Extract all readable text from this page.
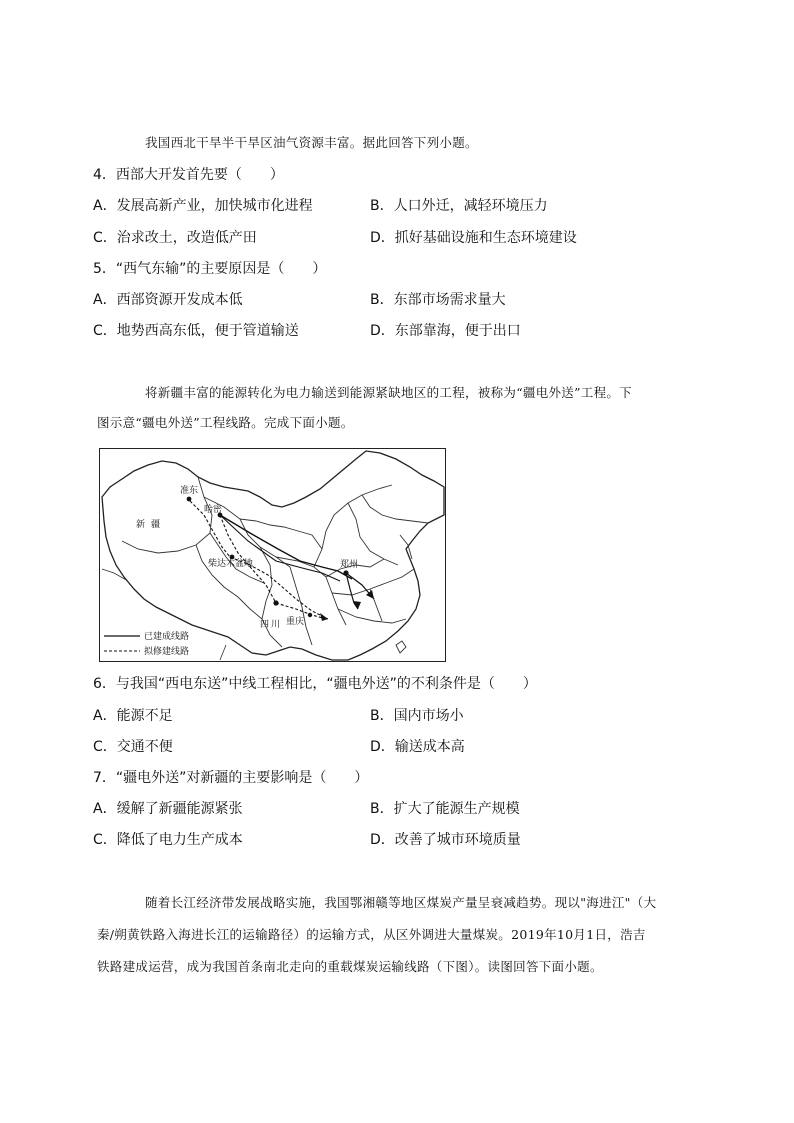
我国西北干旱半干旱区油气资源丰富。据此回答下列小题。
4．西部大开发首先要（　　）
A．发展高新产业，加快城市化进程	B．人口外迁，减轻环境压力
C．治求改土，改造低产田	D．抓好基础设施和生态环境建设
5．“西气东输”的主要原因是（　　）
A．西部资源开发成本低	B．东部市场需求量大
C．地势西高东低，便于管道输送	D．东部靠海，便于出口
将新疆丰富的能源转化为电力输送到能源紧缺地区的工程，被称为“疆电外送”工程。下
图示意“疆电外送”工程线路。完成下面小题。
准东
哈密
新疆
柴达木盆地	郑州
四川 重庆
已建成线路
拟修建线路
6．与我国“西电东送”中线工程相比，“疆电外送”的不利条件是（　　）
A．能源不足	B．国内市场小
C．交通不便	D．输送成本高
7．“疆电外送”对新疆的主要影响是（　　）
A．缓解了新疆能源紧张	B．扩大了能源生产规模
C．降低了电力生产成本	D．改善了城市环境质量
随着长江经济带发展战略实施，我国鄂湘赣等地区煤炭产量呈衰减趋势。现以"海进江"（大
秦/朔黄铁路入海进长江的运输路径）的运输方式，从区外调进大量煤炭。2019年10月1日，浩吉
铁路建成运营，成为我国首条南北走向的重载煤炭运输线路（下图）。读图回答下面小题。
